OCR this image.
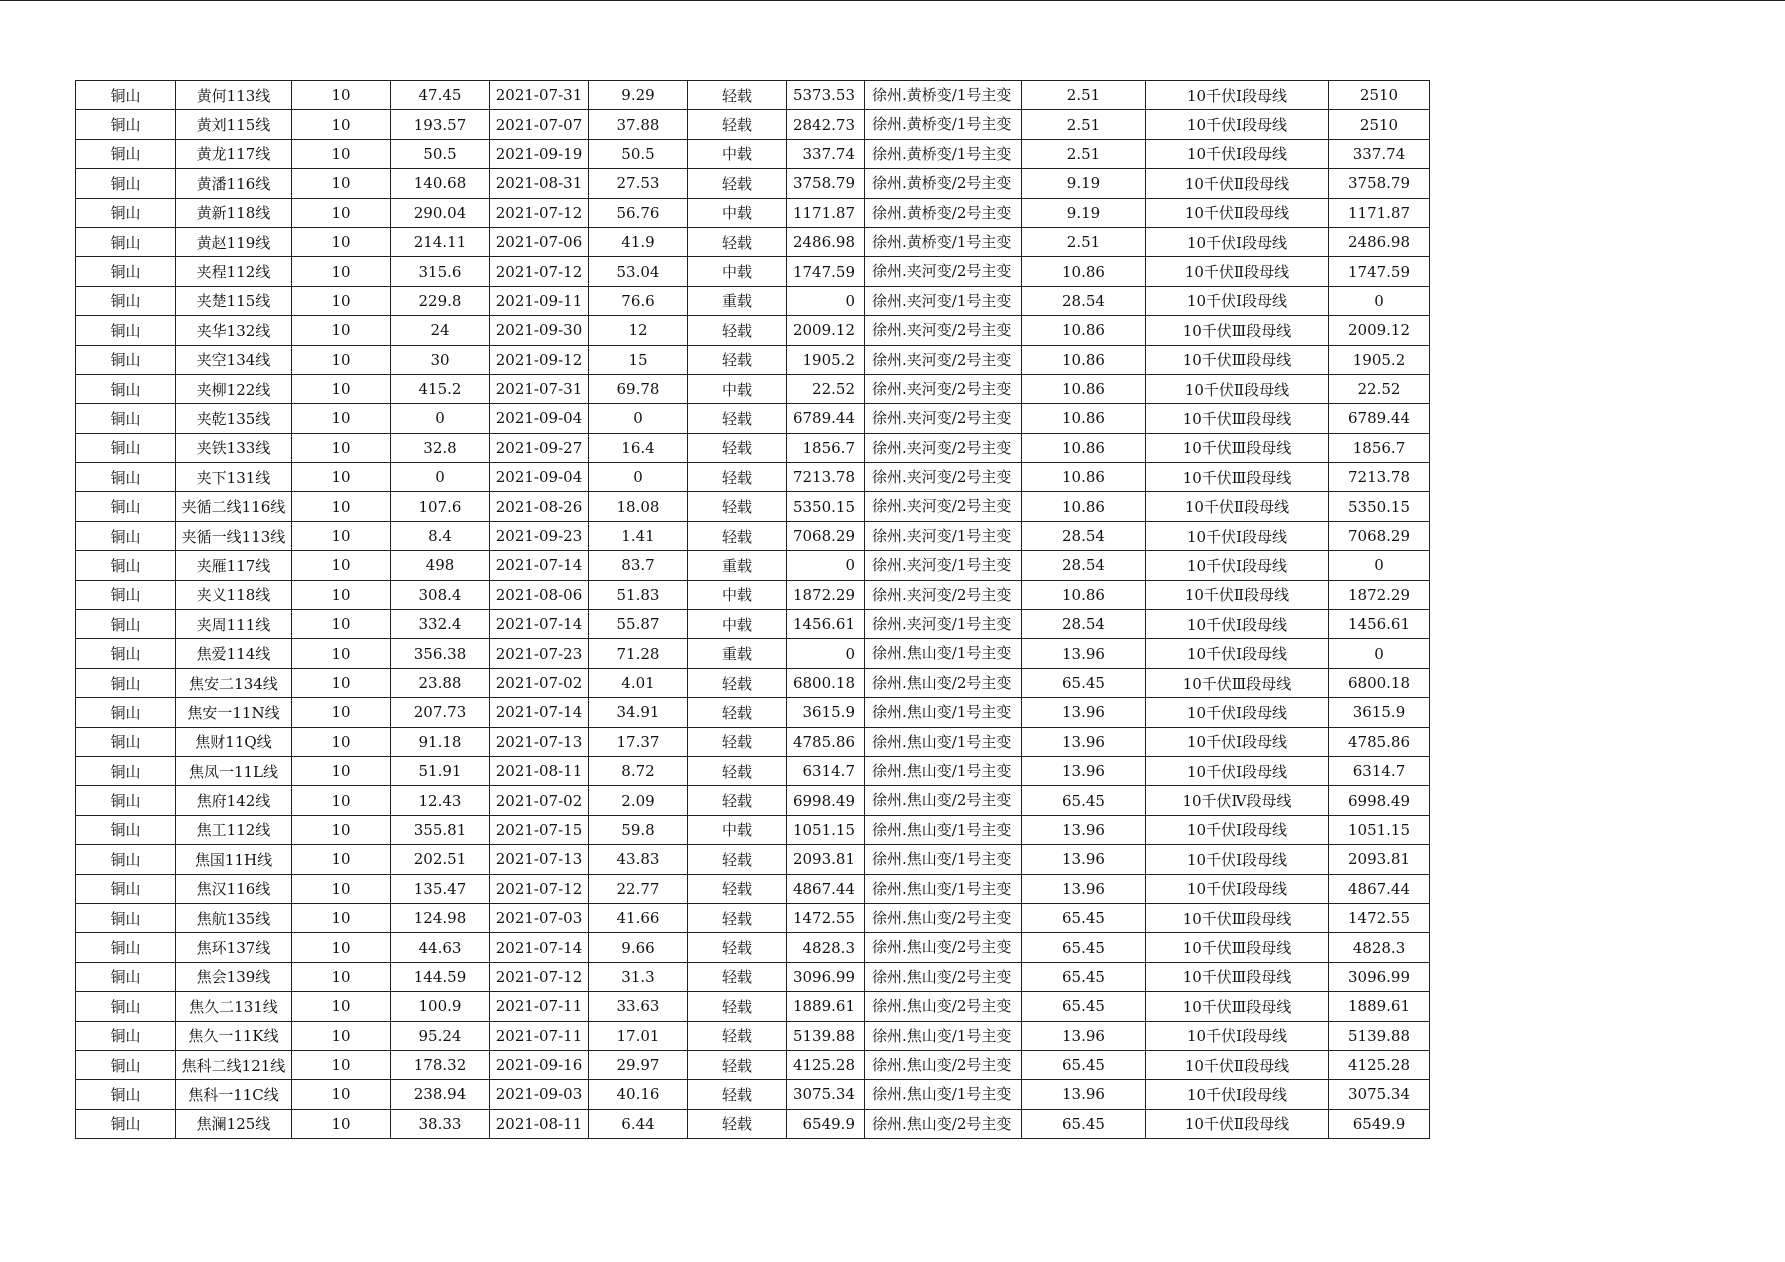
铜山	黄何113线	10	47.45	2021-07-31	9.29	轻载	5373.53	徐州.黄桥变/1号主变	2.51	10千伏Ⅰ段母线	2510
铜山	黄刘115线	10	193.57	2021-07-07	37.88	轻载	2842.73	徐州.黄桥变/1号主变	2.51	10千伏Ⅰ段母线	2510
铜山	黄龙117线	10	50.5	2021-09-19	50.5	中载	337.74	徐州.黄桥变/1号主变	2.51	10千伏Ⅰ段母线	337.74
铜山	黄潘116线	10	140.68	2021-08-31	27.53	轻载	3758.79	徐州.黄桥变/2号主变	9.19	10千伏Ⅱ段母线	3758.79
铜山	黄新118线	10	290.04	2021-07-12	56.76	中载	1171.87	徐州.黄桥变/2号主变	9.19	10千伏Ⅱ段母线	1171.87
铜山	黄赵119线	10	214.11	2021-07-06	41.9	轻载	2486.98	徐州.黄桥变/1号主变	2.51	10千伏Ⅰ段母线	2486.98
铜山	夹程112线	10	315.6	2021-07-12	53.04	中载	1747.59	徐州.夹河变/2号主变	10.86	10千伏Ⅱ段母线	1747.59
铜山	夹楚115线	10	229.8	2021-09-11	76.6	重载	0	徐州.夹河变/1号主变	28.54	10千伏Ⅰ段母线	0
铜山	夹华132线	10	24	2021-09-30	12	轻载	2009.12	徐州.夹河变/2号主变	10.86	10千伏Ⅲ段母线	2009.12
铜山	夹空134线	10	30	2021-09-12	15	轻载	1905.2	徐州.夹河变/2号主变	10.86	10千伏Ⅲ段母线	1905.2
铜山	夹柳122线	10	415.2	2021-07-31	69.78	中载	22.52	徐州.夹河变/2号主变	10.86	10千伏Ⅱ段母线	22.52
铜山	夹乾135线	10	0	2021-09-04	0	轻载	6789.44	徐州.夹河变/2号主变	10.86	10千伏Ⅲ段母线	6789.44
铜山	夹铁133线	10	32.8	2021-09-27	16.4	轻载	1856.7	徐州.夹河变/2号主变	10.86	10千伏Ⅲ段母线	1856.7
铜山	夹下131线	10	0	2021-09-04	0	轻载	7213.78	徐州.夹河变/2号主变	10.86	10千伏Ⅲ段母线	7213.78
铜山	夹循二线116线	10	107.6	2021-08-26	18.08	轻载	5350.15	徐州.夹河变/2号主变	10.86	10千伏Ⅱ段母线	5350.15
铜山	夹循一线113线	10	8.4	2021-09-23	1.41	轻载	7068.29	徐州.夹河变/1号主变	28.54	10千伏Ⅰ段母线	7068.29
铜山	夹雁117线	10	498	2021-07-14	83.7	重载	0	徐州.夹河变/1号主变	28.54	10千伏Ⅰ段母线	0
铜山	夹义118线	10	308.4	2021-08-06	51.83	中载	1872.29	徐州.夹河变/2号主变	10.86	10千伏Ⅱ段母线	1872.29
铜山	夹周111线	10	332.4	2021-07-14	55.87	中载	1456.61	徐州.夹河变/1号主变	28.54	10千伏Ⅰ段母线	1456.61
铜山	焦爱114线	10	356.38	2021-07-23	71.28	重载	0	徐州.焦山变/1号主变	13.96	10千伏Ⅰ段母线	0
铜山	焦安二134线	10	23.88	2021-07-02	4.01	轻载	6800.18	徐州.焦山变/2号主变	65.45	10千伏Ⅲ段母线	6800.18
铜山	焦安一11N线	10	207.73	2021-07-14	34.91	轻载	3615.9	徐州.焦山变/1号主变	13.96	10千伏Ⅰ段母线	3615.9
铜山	焦财11Q线	10	91.18	2021-07-13	17.37	轻载	4785.86	徐州.焦山变/1号主变	13.96	10千伏Ⅰ段母线	4785.86
铜山	焦凤一11L线	10	51.91	2021-08-11	8.72	轻载	6314.7	徐州.焦山变/1号主变	13.96	10千伏Ⅰ段母线	6314.7
铜山	焦府142线	10	12.43	2021-07-02	2.09	轻载	6998.49	徐州.焦山变/2号主变	65.45	10千伏Ⅳ段母线	6998.49
铜山	焦工112线	10	355.81	2021-07-15	59.8	中载	1051.15	徐州.焦山变/1号主变	13.96	10千伏Ⅰ段母线	1051.15
铜山	焦国11H线	10	202.51	2021-07-13	43.83	轻载	2093.81	徐州.焦山变/1号主变	13.96	10千伏Ⅰ段母线	2093.81
铜山	焦汉116线	10	135.47	2021-07-12	22.77	轻载	4867.44	徐州.焦山变/1号主变	13.96	10千伏Ⅰ段母线	4867.44
铜山	焦航135线	10	124.98	2021-07-03	41.66	轻载	1472.55	徐州.焦山变/2号主变	65.45	10千伏Ⅲ段母线	1472.55
铜山	焦环137线	10	44.63	2021-07-14	9.66	轻载	4828.3	徐州.焦山变/2号主变	65.45	10千伏Ⅲ段母线	4828.3
铜山	焦会139线	10	144.59	2021-07-12	31.3	轻载	3096.99	徐州.焦山变/2号主变	65.45	10千伏Ⅲ段母线	3096.99
铜山	焦久二131线	10	100.9	2021-07-11	33.63	轻载	1889.61	徐州.焦山变/2号主变	65.45	10千伏Ⅲ段母线	1889.61
铜山	焦久一11K线	10	95.24	2021-07-11	17.01	轻载	5139.88	徐州.焦山变/1号主变	13.96	10千伏Ⅰ段母线	5139.88
铜山	焦科二线121线	10	178.32	2021-09-16	29.97	轻载	4125.28	徐州.焦山变/2号主变	65.45	10千伏Ⅱ段母线	4125.28
铜山	焦科一11C线	10	238.94	2021-09-03	40.16	轻载	3075.34	徐州.焦山变/1号主变	13.96	10千伏Ⅰ段母线	3075.34
铜山	焦澜125线	10	38.33	2021-08-11	6.44	轻载	6549.9	徐州.焦山变/2号主变	65.45	10千伏Ⅱ段母线	6549.9
